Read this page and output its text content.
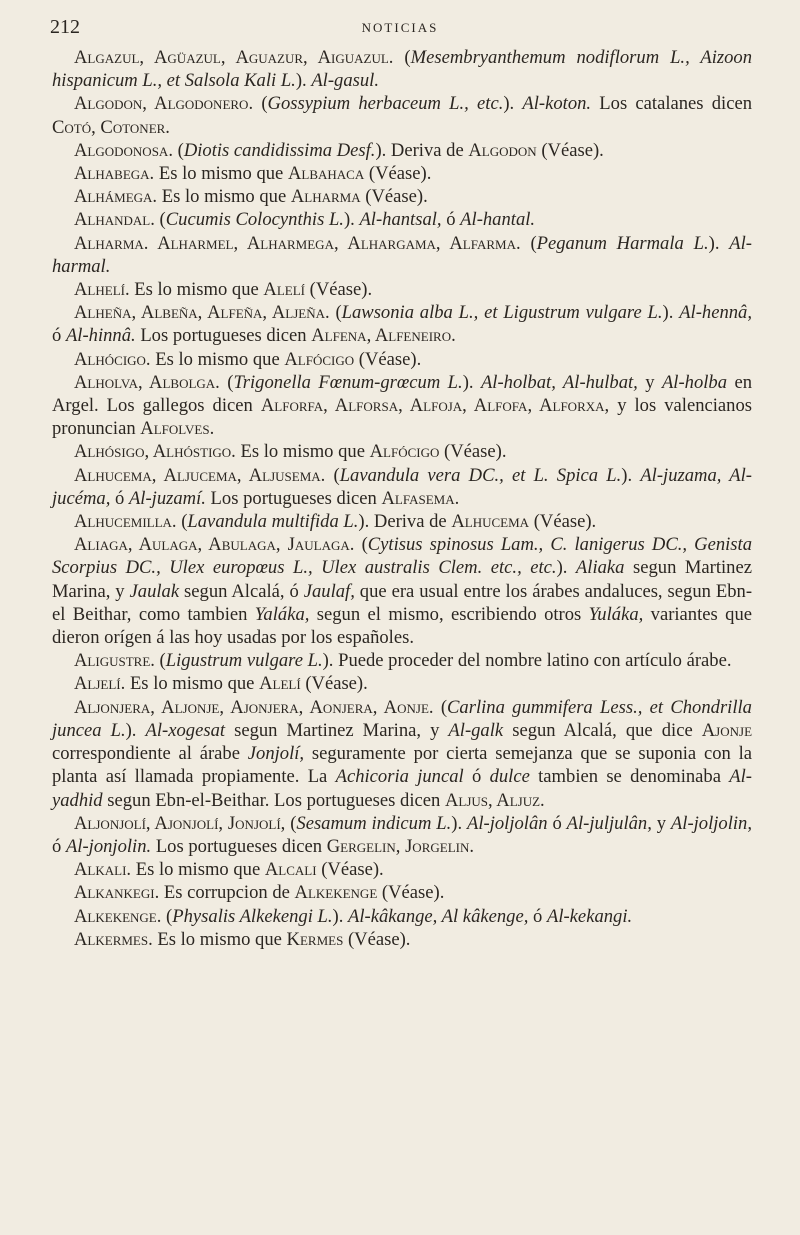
212	NOTICIAS

Algazul, Agüazul, Aguazur, Aiguazul. (Mesembryanthemum nodiflorum L., Aizoon hispanicum L., et Salsola Kali L.). Al-gasul.

Algodon, Algodonero. (Gossypium herbaceum L., etc.). Al-koton. Los catalanes dicen Cotó, Cotoner.

Algodonosa. (Diotis candidissima Desf.). Deriva de Algodon (Véase).

Alhabega. Es lo mismo que Albahaca (Véase).

Alhámega. Es lo mismo que Alharma (Véase).

Alhandal. (Cucumis Colocynthis L.). Al-hantsal, ó Al-hantal.

Alharma. Alharmel, Alharmega, Alhargama, Alfarma. (Peganum Harmala L.). Al-harmal.

Alhelí. Es lo mismo que Alelí (Véase).

Alheña, Albeña, Alfeña, Aljeña. (Lawsonia alba L., et Ligustrum vulgare L.). Al-hennâ, ó Al-hinnâ. Los portugueses dicen Alfena, Alfeneiro.

Alhócigo. Es lo mismo que Alfócigo (Véase).

Alholva, Albolga. (Trigonella Fœnum-grœcum L.). Al-holbat, Al-hulbat, y Al-holba en Argel. Los gallegos dicen Alforfa, Alforsa, Alfoja, Alfofa, Alforxa, y los valencianos pronuncian Alfolves.

Alhósigo, Alhóstigo. Es lo mismo que Alfócigo (Véase).

Alhucema, Aljucema, Aljusema. (Lavandula vera DC., et L. Spica L.). Al-juzama, Al-jucéma, ó Al-juzamí. Los portugueses dicen Alfasema.

Alhucemilla. (Lavandula multifida L.). Deriva de Alhucema (Véase).

Aliaga, Aulaga, Abulaga, Jaulaga. (Cytisus spinosus Lam., C. lanigerus DC., Genista Scorpius DC., Ulex europœus L., Ulex australis Clem. etc., etc.). Aliaka segun Martinez Marina, y Jaulak segun Alcalá, ó Jaulaf, que era usual entre los árabes andaluces, segun Ebn-el Beithar, como tambien Yaláka, segun el mismo, escribiendo otros Yuláka, variantes que dieron orígen á las hoy usadas por los españoles.

Aligustre. (Ligustrum vulgare L.). Puede proceder del nombre latino con artículo árabe.

Aljelí. Es lo mismo que Alelí (Véase).

Aljonjera, Aljonje, Ajonjera, Aonjera, Aonje. (Carlina gummifera Less., et Chondrilla juncea L.). Al-xogesat segun Martinez Marina, y Al-galk segun Alcalá, que dice Ajonje correspondiente al árabe Jonjolí, seguramente por cierta semejanza que se suponia con la planta así llamada propiamente. La Achicoria juncal ó dulce tambien se denominaba Al-yadhid segun Ebn-el-Beithar. Los portugueses dicen Aljus, Aljuz.

Aljonjolí, Ajonjolí, Jonjolí, (Sesamum indicum L.). Al-joljolân ó Al-juljulân, y Al-joljolin, ó Al-jonjolin. Los portugueses dicen Gergelin, Jorgelin.

Alkali. Es lo mismo que Alcali (Véase).

Alkankegi. Es corrupcion de Alkekenge (Véase).

Alkekenge. (Physalis Alkekengi L.). Al-kâkange, Al kâkenge, ó Al-kekangi.

Alkermes. Es lo mismo que Kermes (Véase).
